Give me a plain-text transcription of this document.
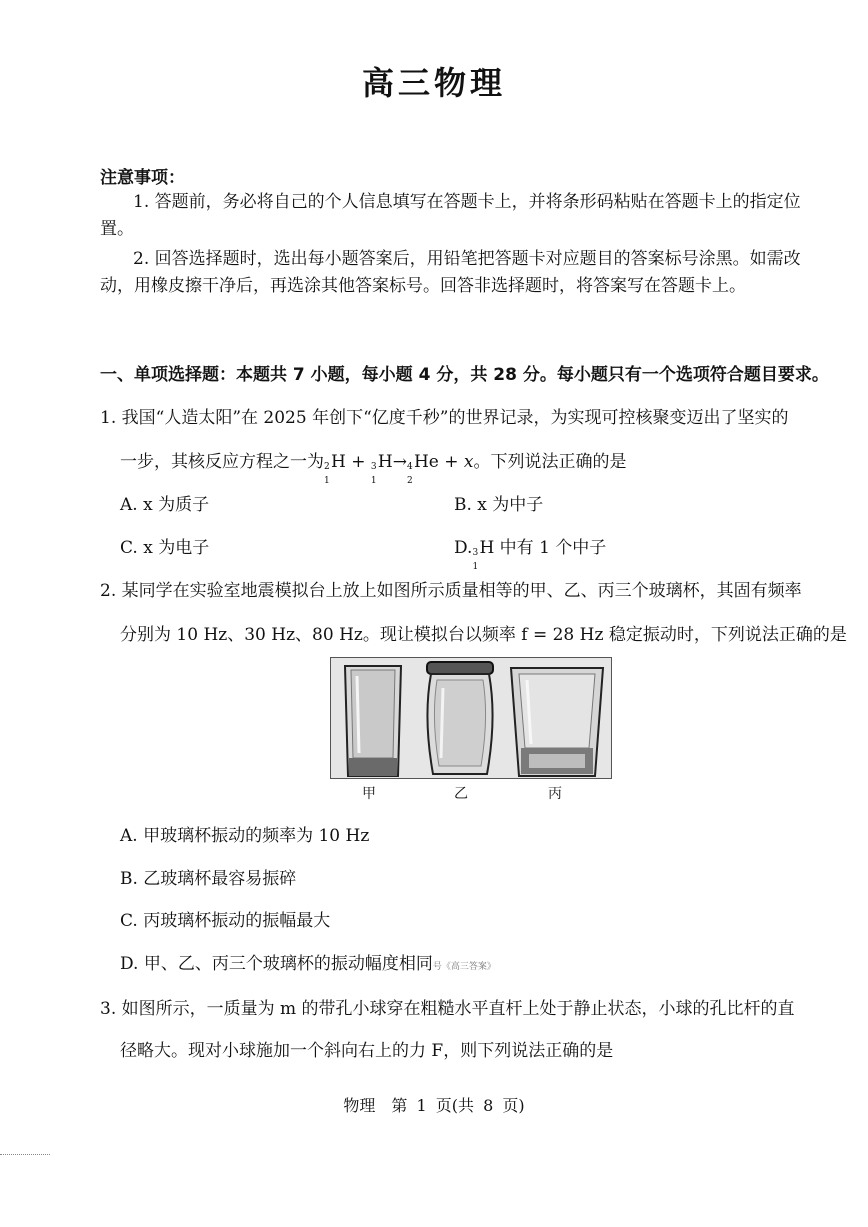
高三物理
注意事项：
1. 答题前，务必将自己的个人信息填写在答题卡上，并将条形码粘贴在答题卡上的指定位置。
2. 回答选择题时，选出每小题答案后，用铅笔把答题卡对应题目的答案标号涂黑。如需改动，用橡皮擦干净后，再选涂其他答案标号。回答非选择题时，将答案写在答题卡上。
一、单项选择题：本题共 7 小题，每小题 4 分，共 28 分。每小题只有一个选项符合题目要求。
1. 我国“人造太阳”在 2025 年创下“亿度千秒”的世界记录，为实现可控核聚变迈出了坚实的
一步，其核反应方程之一为 2
1
H + 3
1
H→ 4
2
He + x。下列说法正确的是
A. x 为质子	B. x 为中子
C. x 为电子	D. 3
1
H 中有 1 个中子
2. 某同学在实验室地震模拟台上放上如图所示质量相等的甲、乙、丙三个玻璃杯，其固有频率
分别为 10 Hz、30 Hz、80 Hz。现让模拟台以频率 f = 28 Hz 稳定振动时，下列说法正确的是
甲	乙	丙
A. 甲玻璃杯振动的频率为 10 Hz
B. 乙玻璃杯最容易振碎
C. 丙玻璃杯振动的振幅最大
D. 甲、乙、丙三个玻璃杯的振动幅度相同号《高三答案》
3. 如图所示，一质量为 m 的带孔小球穿在粗糙水平直杆上处于静止状态，小球的孔比杆的直
径略大。现对小球施加一个斜向右上的力 F，则下列说法正确的是
物理　第 1 页(共 8 页)
